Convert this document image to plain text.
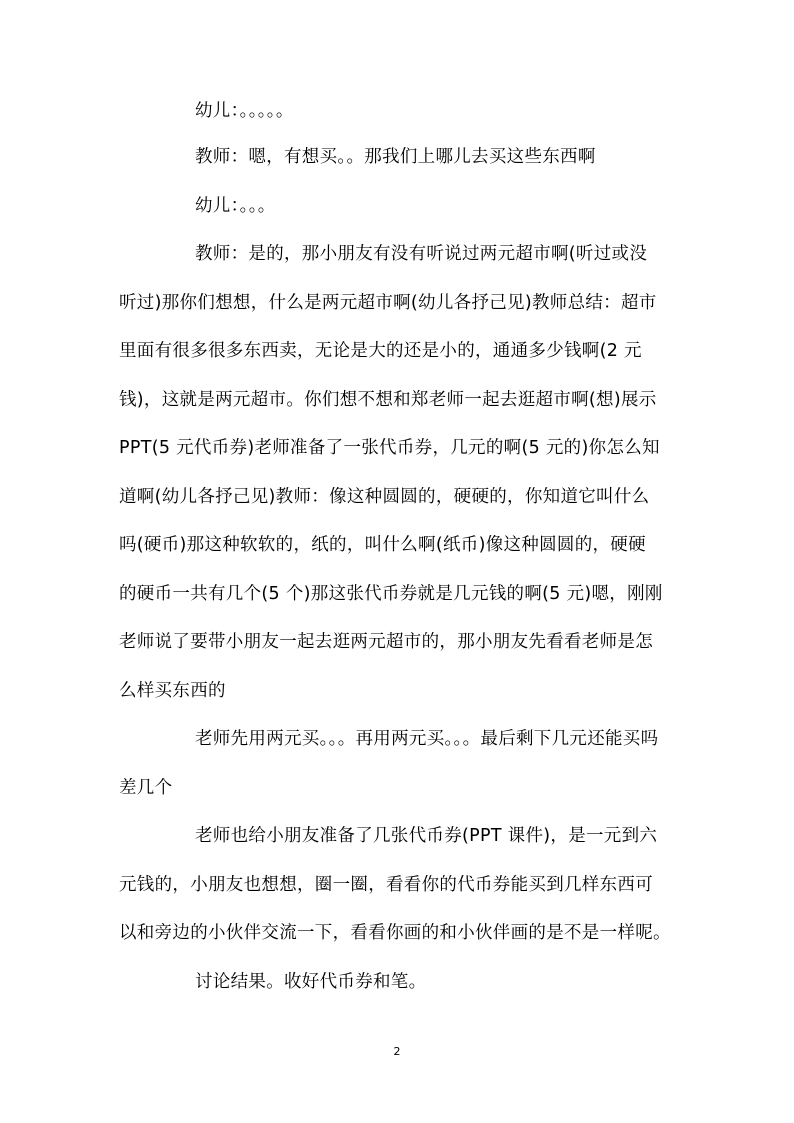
幼儿：。。。。。
教师：嗯，有想买。。那我们上哪儿去买这些东西啊
幼儿：。。。
教师：是的，那小朋友有没有听说过两元超市啊(听过或没
听过)那你们想想，什么是两元超市啊(幼儿各抒己见)教师总结：超市
里面有很多很多东西卖，无论是大的还是小的，通通多少钱啊(2 元
钱)，这就是两元超市。你们想不想和郑老师一起去逛超市啊(想)展示
PPT(5 元代币券)老师准备了一张代币券，几元的啊(5 元的)你怎么知
道啊(幼儿各抒己见)教师：像这种圆圆的，硬硬的，你知道它叫什么
吗(硬币)那这种软软的，纸的，叫什么啊(纸币)像这种圆圆的，硬硬
的硬币一共有几个(5 个)那这张代币券就是几元钱的啊(5 元)嗯，刚刚
老师说了要带小朋友一起去逛两元超市的，那小朋友先看看老师是怎
么样买东西的
老师先用两元买。。。再用两元买。。。最后剩下几元还能买吗
差几个
老师也给小朋友准备了几张代币券(PPT 课件)，是一元到六
元钱的，小朋友也想想，圈一圈，看看你的代币券能买到几样东西可
以和旁边的小伙伴交流一下，看看你画的和小伙伴画的是不是一样呢。
讨论结果。收好代币券和笔。
2
